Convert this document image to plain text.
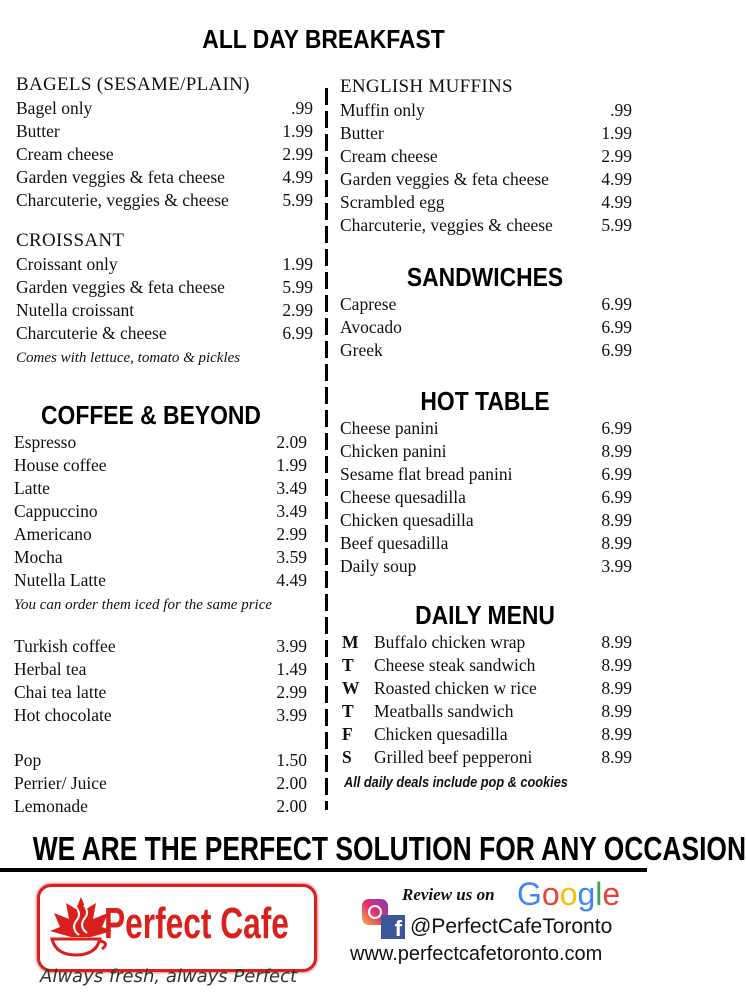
ALL DAY BREAKFAST
BAGELS (SESAME/PLAIN)
Bagel only	.99
Butter	1.99
Cream cheese	2.99
Garden veggies & feta cheese	4.99
Charcuterie, veggies & cheese	5.99
CROISSANT
Croissant only	1.99
Garden veggies & feta cheese	5.99
Nutella croissant	2.99
Charcuterie & cheese	6.99
Comes with lettuce, tomato & pickles
COFFEE & BEYOND
Espresso	2.09
House coffee	1.99
Latte	3.49
Cappuccino	3.49
Americano	2.99
Mocha	3.59
Nutella Latte	4.49
You can order them iced for the same price
Turkish coffee	3.99
Herbal tea	1.49
Chai tea latte	2.99
Hot chocolate	3.99
Pop	1.50
Perrier/ Juice	2.00
Lemonade	2.00
ENGLISH MUFFINS
Muffin only	.99
Butter	1.99
Cream cheese	2.99
Garden veggies & feta cheese	4.99
Scrambled egg	4.99
Charcuterie, veggies & cheese	5.99
SANDWICHES
Caprese	6.99
Avocado	6.99
Greek	6.99
HOT TABLE
Cheese panini	6.99
Chicken panini	8.99
Sesame flat bread panini	6.99
Cheese quesadilla	6.99
Chicken quesadilla	8.99
Beef quesadilla	8.99
Daily soup	3.99
DAILY MENU
M Buffalo chicken wrap	8.99
T Cheese steak sandwich	8.99
W Roasted chicken w rice	8.99
T Meatballs sandwich	8.99
F Chicken quesadilla	8.99
S Grilled beef pepperoni	8.99
All daily deals include pop & cookies
WE ARE THE PERFECT SOLUTION FOR ANY OCCASION
Perfect Cafe
Always fresh, always Perfect
Review us on Google
f @PerfectCafeToronto
www.perfectcafetoronto.com
